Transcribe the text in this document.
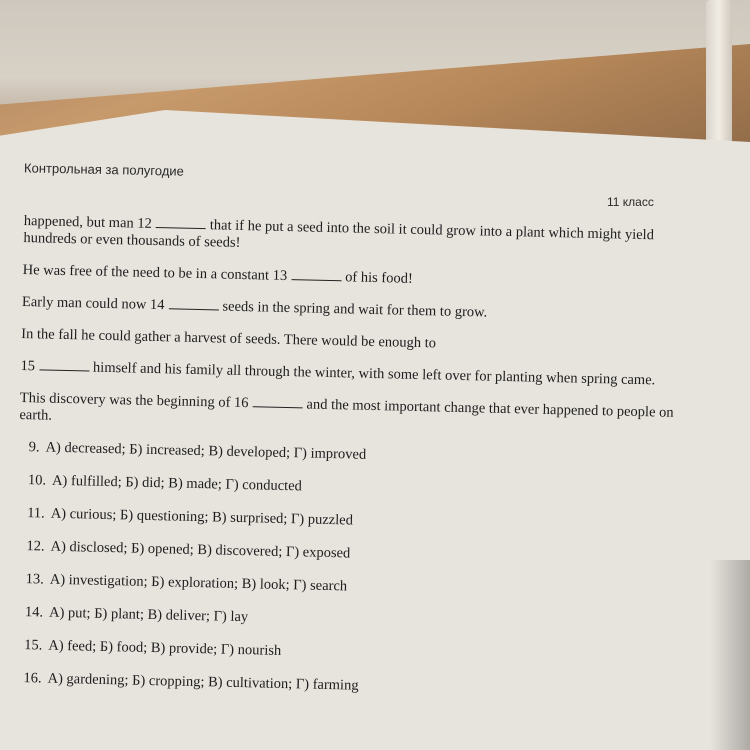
Контрольная за полугодие
11 класс

happened, but man 12	that if he put a seed into the soil it could grow into a plant which might yield hundreds or even thousands of seeds!

He was free of the need to be in a constant 13	of his food!

Early man could now 14	seeds in the spring and wait for them to grow.

In the fall he could gather a harvest of seeds. There would be enough to

15	himself and his family all through the winter, with some left over for planting when spring came.

This discovery was the beginning of 16	and the most important change that ever happened to people on earth.

9. A) decreased; Б) increased; В) developed; Г) improved
10. A) fulfilled; Б) did; В) made; Г) conducted
11. A) curious; Б) questioning; В) surprised; Г) puzzled
12. A) disclosed; Б) opened; В) discovered; Г) exposed
13. A) investigation; Б) exploration; В) look; Г) search
14. A) put; Б) plant; В) deliver; Г) lay
15. A) feed; Б) food; В) provide; Г) nourish
16. A) gardening; Б) cropping; В) cultivation; Г) farming
